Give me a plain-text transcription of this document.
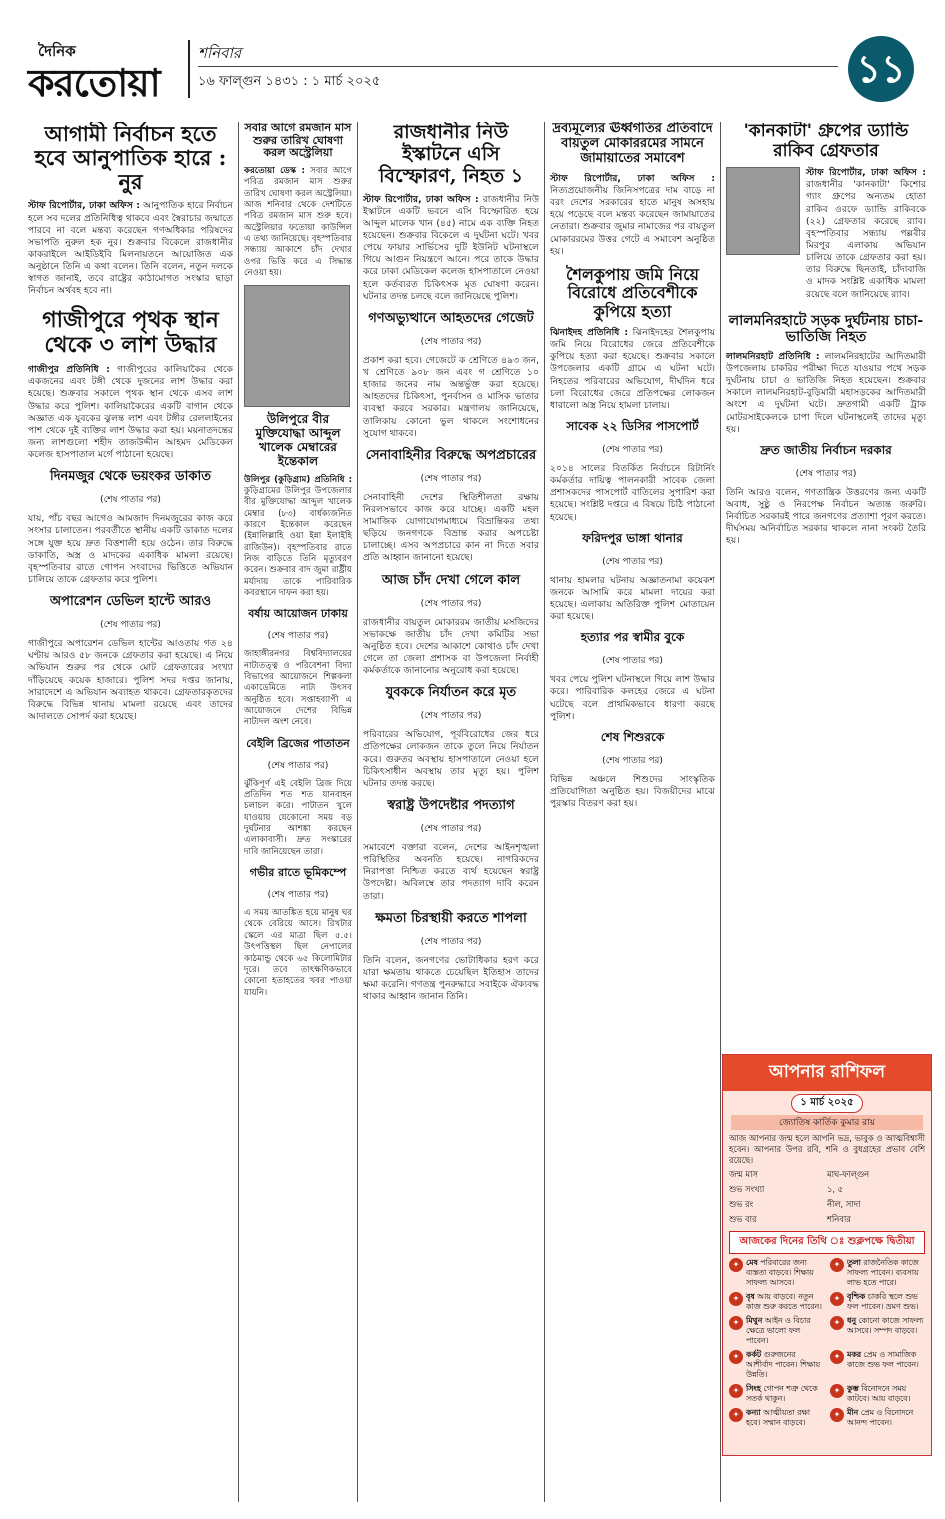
দৈনিক
করতোয়া
শনিবার
১৬ ফাল্গুন ১৪৩১ : ১ মার্চ ২০২৫	১১
আগামী নির্বাচন হতে হবে আনুপাতিক হারে : নুর

স্টাফ রিপোর্টার, ঢাকা অফিস : আনুপাতিক হারে নির্বাচন হলে সব দলের প্রতিনিধিত্ব থাকবে এবং স্বৈরাচার জন্মাতে পারবে না বলে মন্তব্য করেছেন গণঅধিকার পরিষদের সভাপতি নুরুল হক নুর। শুক্রবার বিকেলে রাজধানীর কাকরাইলে আইডিইবি মিলনায়তনে আয়োজিত এক অনুষ্ঠানে তিনি এ কথা বলেন। তিনি বলেন, নতুন দলকে স্বাগত জানাই, তবে রাষ্ট্রের কাঠামোগত সংস্কার ছাড়া নির্বাচন অর্থবহ হবে না।

গাজীপুরে পৃথক স্থান থেকে ৩ লাশ উদ্ধার

গাজীপুর প্রতিনিধি : গাজীপুরের কালিয়াকৈর থেকে একজনের এবং টঙ্গী থেকে দুজনের লাশ উদ্ধার করা হয়েছে। শুক্রবার সকালে পৃথক স্থান থেকে এসব লাশ উদ্ধার করে পুলিশ। কালিয়াকৈরের একটি বাগান থেকে অজ্ঞাত এক যুবকের ঝুলন্ত লাশ এবং টঙ্গীর রেললাইনের পাশ থেকে দুই ব্যক্তির লাশ উদ্ধার করা হয়। ময়নাতদন্তের জন্য লাশগুলো শহীদ তাজউদ্দীন আহমদ মেডিকেল কলেজ হাসপাতাল মর্গে পাঠানো হয়েছে।

দিনমজুর থেকে ভয়ংকর ডাকাত
(শেষ পাতার পর)

যায়, পাঁচ বছর আগেও আমজাদ দিনমজুরের কাজ করে সংসার চালাতেন। পরবর্তীতে স্থানীয় একটি ডাকাত দলের সঙ্গে যুক্ত হয়ে দ্রুত বিত্তশালী হয়ে ওঠেন। তার বিরুদ্ধে ডাকাতি, অস্ত্র ও মাদকের একাধিক মামলা রয়েছে। বৃহস্পতিবার রাতে গোপন সংবাদের ভিত্তিতে অভিযান চালিয়ে তাকে গ্রেফতার করে পুলিশ।

অপারেশন ডেভিল হান্টে আরও
(শেষ পাতার পর)

গাজীপুরে অপারেশন ডেভিল হান্টের আওতায় গত ২৪ ঘণ্টায় আরও ৫৮ জনকে গ্রেফতার করা হয়েছে। এ নিয়ে অভিযান শুরুর পর থেকে মোট গ্রেফতারের সংখ্যা দাঁড়িয়েছে কয়েক হাজারে। পুলিশ সদর দপ্তর জানায়, সারাদেশে এ অভিযান অব্যাহত থাকবে। গ্রেফতারকৃতদের বিরুদ্ধে বিভিন্ন থানায় মামলা রয়েছে এবং তাদের আদালতে সোপর্দ করা হয়েছে।

সবার আগে রমজান মাস শুরুর তারিখ ঘোষণা করল অস্ট্রেলিয়া

করতোয়া ডেস্ক : সবার আগে পবিত্র রমজান মাস শুরুর তারিখ ঘোষণা করল অস্ট্রেলিয়া। আজ শনিবার থেকে দেশটিতে পবিত্র রমজান মাস শুরু হবে। অস্ট্রেলিয়ার ফতোয়া কাউন্সিল এ তথ্য জানিয়েছে। বৃহস্পতিবার সন্ধ্যায় আকাশে চাঁদ দেখার ওপর ভিত্তি করে এ সিদ্ধান্ত নেওয়া হয়।

উলিপুরে বীর মুক্তিযোদ্ধা আব্দুল খালেক মেম্বারের ইন্তেকাল

উলিপুর (কুড়িগ্রাম) প্রতিনিধি : কুড়িগ্রামের উলিপুর উপজেলার বীর মুক্তিযোদ্ধা আব্দুল খালেক মেম্বার (৮৩) বার্ধক্যজনিত কারণে ইন্তেকাল করেছেন (ইন্নালিল্লাহি ওয়া ইন্না ইলাইহি রাজিউন)। বৃহস্পতিবার রাতে নিজ বাড়িতে তিনি মৃত্যুবরণ করেন। শুক্রবার বাদ জুমা রাষ্ট্রীয় মর্যাদায় তাকে পারিবারিক কবরস্থানে দাফন করা হয়।

বর্ষায় আয়োজন ঢাকায়
(শেষ পাতার পর)

জাহাঙ্গীরনগর বিশ্ববিদ্যালয়ের নাট্যতত্ত্ব ও পরিবেশনা বিদ্যা বিভাগের আয়োজনে শিল্পকলা একাডেমিতে নাট্য উৎসব অনুষ্ঠিত হবে। সপ্তাহব্যাপী এ আয়োজনে দেশের বিভিন্ন নাট্যদল অংশ নেবে।

বেইলি ব্রিজের পাতাতন
(শেষ পাতার পর)

ঝুঁকিপূর্ণ এই বেইলি ব্রিজ দিয়ে প্রতিদিন শত শত যানবাহন চলাচল করে। পাটাতন খুলে যাওয়ায় যেকোনো সময় বড় দুর্ঘটনার আশঙ্কা করছেন এলাকাবাসী। দ্রুত সংস্কারের দাবি জানিয়েছেন তারা।

গভীর রাতে ভূমিকম্পে
(শেষ পাতার পর)

এ সময় আতঙ্কিত হয়ে মানুষ ঘর থেকে বেরিয়ে আসে। রিখটার স্কেলে এর মাত্রা ছিল ৫.৫। উৎপত্তিস্থল ছিল নেপালের কাঠমান্ডু থেকে ৬৫ কিলোমিটার দূরে। তবে তাৎক্ষণিকভাবে কোনো হতাহতের খবর পাওয়া যায়নি।

রাজধানীর নিউ ইস্কাটনে এসি বিস্ফোরণ, নিহত ১

স্টাফ রিপোর্টার, ঢাকা অফিস : রাজধানীর নিউ ইস্কাটনে একটি ভবনে এসি বিস্ফোরিত হয়ে আব্দুল মালেক খান (৪৫) নামে এক ব্যক্তি নিহত হয়েছেন। শুক্রবার বিকেলে এ দুর্ঘটনা ঘটে। খবর পেয়ে ফায়ার সার্ভিসের দুটি ইউনিট ঘটনাস্থলে গিয়ে আগুন নিয়ন্ত্রণে আনে। পরে তাকে উদ্ধার করে ঢাকা মেডিকেল কলেজ হাসপাতালে নেওয়া হলে কর্তব্যরত চিকিৎসক মৃত ঘোষণা করেন। ঘটনার তদন্ত চলছে বলে জানিয়েছে পুলিশ।

গণঅভ্যুত্থানে আহতদের গেজেট
(শেষ পাতার পর)

প্রকাশ করা হবে। গেজেটে ক শ্রেণিতে ৪৯৩ জন, খ শ্রেণিতে ৯০৮ জন এবং গ শ্রেণিতে ১০ হাজার জনের নাম অন্তর্ভুক্ত করা হয়েছে। আহতদের চিকিৎসা, পুনর্বাসন ও মাসিক ভাতার ব্যবস্থা করবে সরকার। মন্ত্রণালয় জানিয়েছে, তালিকায় কোনো ভুল থাকলে সংশোধনের সুযোগ থাকবে।

সেনাবাহিনীর বিরুদ্ধে অপপ্রচারের
(শেষ পাতার পর)

সেনাবাহিনী দেশের স্থিতিশীলতা রক্ষায় নিরলসভাবে কাজ করে যাচ্ছে। একটি মহল সামাজিক যোগাযোগমাধ্যমে বিভ্রান্তিকর তথ্য ছড়িয়ে জনগণকে বিভ্রান্ত করার অপচেষ্টা চালাচ্ছে। এসব অপপ্রচারে কান না দিতে সবার প্রতি আহ্বান জানানো হয়েছে।

আজ চাঁদ দেখা গেলে কাল
(শেষ পাতার পর)

রাজধানীর বায়তুল মোকাররম জাতীয় মসজিদের সভাকক্ষে জাতীয় চাঁদ দেখা কমিটির সভা অনুষ্ঠিত হবে। দেশের আকাশে কোথাও চাঁদ দেখা গেলে তা জেলা প্রশাসক বা উপজেলা নির্বাহী কর্মকর্তাকে জানানোর অনুরোধ করা হয়েছে।

যুবককে নির্যাতন করে মৃত
(শেষ পাতার পর)

পরিবারের অভিযোগ, পূর্ববিরোধের জের ধরে প্রতিপক্ষের লোকজন তাকে তুলে নিয়ে নির্যাতন করে। গুরুতর অবস্থায় হাসপাতালে নেওয়া হলে চিকিৎসাধীন অবস্থায় তার মৃত্যু হয়। পুলিশ ঘটনার তদন্ত করছে।

স্বরাষ্ট্র উপদেষ্টার পদত্যাগ
(শেষ পাতার পর)

সমাবেশে বক্তারা বলেন, দেশের আইনশৃঙ্খলা পরিস্থিতির অবনতি হয়েছে। নাগরিকদের নিরাপত্তা নিশ্চিত করতে ব্যর্থ হয়েছেন স্বরাষ্ট্র উপদেষ্টা। অবিলম্বে তার পদত্যাগ দাবি করেন তারা।

ক্ষমতা চিরস্থায়ী করতে শাপলা
(শেষ পাতার পর)

তিনি বলেন, জনগণের ভোটাধিকার হরণ করে যারা ক্ষমতায় থাকতে চেয়েছিল ইতিহাস তাদের ক্ষমা করেনি। গণতন্ত্র পুনরুদ্ধারে সবাইকে ঐক্যবদ্ধ থাকার আহ্বান জানান তিনি।

দ্রব্যমূল্যের ঊর্ধ্বগতির প্রতিবাদে বায়তুল মোকাররমের সামনে জামায়াতের সমাবেশ

স্টাফ রিপোর্টার, ঢাকা অফিস : নিত্যপ্রয়োজনীয় জিনিসপত্রের দাম বাড়ে না বরং দেশের সরকারের হাতে মানুষ অসহায় হয়ে পড়েছে বলে মন্তব্য করেছেন জামায়াতের নেতারা। শুক্রবার জুমার নামাজের পর বায়তুল মোকাররমের উত্তর গেটে এ সমাবেশ অনুষ্ঠিত হয়।

শৈলকুপায় জমি নিয়ে বিরোধে প্রতিবেশীকে কুপিয়ে হত্যা

ঝিনাইদহ প্রতিনিধি : ঝিনাইদহের শৈলকুপায় জমি নিয়ে বিরোধের জেরে প্রতিবেশীকে কুপিয়ে হত্যা করা হয়েছে। শুক্রবার সকালে উপজেলার একটি গ্রামে এ ঘটনা ঘটে। নিহতের পরিবারের অভিযোগ, দীর্ঘদিন ধরে চলা বিরোধের জেরে প্রতিপক্ষের লোকজন ধারালো অস্ত্র নিয়ে হামলা চালায়।

সাবেক ২২ ডিসির পাসপোর্ট
(শেষ পাতার পর)

২০১৪ সালের বিতর্কিত নির্বাচনে রিটার্নিং কর্মকর্তার দায়িত্ব পালনকারী সাবেক জেলা প্রশাসকদের পাসপোর্ট বাতিলের সুপারিশ করা হয়েছে। সংশ্লিষ্ট দপ্তরে এ বিষয়ে চিঠি পাঠানো হয়েছে।

ফরিদপুর ভাঙ্গা থানার
(শেষ পাতার পর)

থানায় হামলার ঘটনায় অজ্ঞাতনামা কয়েকশ জনকে আসামি করে মামলা দায়ের করা হয়েছে। এলাকায় অতিরিক্ত পুলিশ মোতায়েন করা হয়েছে।

হত্যার পর স্বামীর বুকে
(শেষ পাতার পর)

খবর পেয়ে পুলিশ ঘটনাস্থলে গিয়ে লাশ উদ্ধার করে। পারিবারিক কলহের জেরে এ ঘটনা ঘটেছে বলে প্রাথমিকভাবে ধারণা করছে পুলিশ।

শেষ শিশুরকে
(শেষ পাতার পর)

বিভিন্ন অঞ্চলে শিশুদের সাংস্কৃতিক প্রতিযোগিতা অনুষ্ঠিত হয়। বিজয়ীদের মাঝে পুরস্কার বিতরণ করা হয়।

'কানকাটা' গ্রুপের ড্যান্ডি রাকিব গ্রেফতার

স্টাফ রিপোর্টার, ঢাকা অফিস : রাজধানীর 'কানকাটা' কিশোর গ্যাং গ্রুপের অন্যতম হোতা রাকিব ওরফে ড্যান্ডি রাকিবকে (২২) গ্রেফতার করেছে র‌্যাব। বৃহস্পতিবার সন্ধ্যায় পল্লবীর মিরপুর এলাকায় অভিযান চালিয়ে তাকে গ্রেফতার করা হয়। তার বিরুদ্ধে ছিনতাই, চাঁদাবাজি ও মাদক সংশ্লিষ্ট একাধিক মামলা রয়েছে বলে জানিয়েছে র‌্যাব।

লালমনিরহাটে সড়ক দুর্ঘটনায় চাচা-ভাতিজি নিহত

লালমনিরহাট প্রতিনিধি : লালমনিরহাটের আদিতমারী উপজেলায় চাকরির পরীক্ষা দিতে যাওয়ার পথে সড়ক দুর্ঘটনায় চাচা ও ভাতিজি নিহত হয়েছেন। শুক্রবার সকালে লালমনিরহাট-বুড়িমারী মহাসড়কের আদিতমারী অংশে এ দুর্ঘটনা ঘটে। দ্রুতগামী একটি ট্রাক মোটরসাইকেলকে চাপা দিলে ঘটনাস্থলেই তাদের মৃত্যু হয়।

দ্রুত জাতীয় নির্বাচন দরকার
(শেষ পাতার পর)

তিনি আরও বলেন, গণতান্ত্রিক উত্তরণের জন্য একটি অবাধ, সুষ্ঠু ও নিরপেক্ষ নির্বাচন অত্যন্ত জরুরি। নির্বাচিত সরকারই পারে জনগণের প্রত্যাশা পূরণ করতে। দীর্ঘসময় অনির্বাচিত সরকার থাকলে নানা সংকট তৈরি হয়।

আপনার রাশিফল
১ মার্চ ২০২৫
জ্যোতিষ কার্তিক কুমার রায়
আজ আপনার জন্ম হলে আপনি ভদ্র, ভাবুক ও আত্মবিশ্বাসী হবেন। আপনার উপর রবি, শনি ও বুধগ্রহের প্রভাব বেশি রয়েছে।
জন্ম মাস	মাঘ-ফাল্গুন
শুভ সংখ্যা	১, ৫
শুভ রং	নীল, সাদা
শুভ বার	শনিবার
আজকের দিনের তিথি ঃ শুক্লপক্ষে দ্বিতীয়া
✦ মেষ পরিবারের জন্য ব্যস্ততা বাড়বে। শিক্ষায় সাফল্য আসবে।
✦ তুলা রাজনৈতিক কাজে সাফল্য পাবেন। ব্যবসায় লাভ হতে পারে।
✦ বৃষ আয় বাড়বে। নতুন কাজ শুরু করতে পারেন।
✦ বৃশ্চিক চাকরি স্থলে শুভ ফল পাবেন। ভ্রমণ শুভ।
✦ মিথুন আইন ও বিচার ক্ষেত্রে ভালো ফল পাবেন।
✦ ধনু কোনো কাজে সাফল্য আসবে। সম্পদ বাড়বে।
✦ কর্কট গুরুজনের আশীর্বাদ পাবেন। শিক্ষায় উন্নতি।
✦ মকর প্রেম ও সামাজিক কাজে শুভ ফল পাবেন।
✦ সিংহ গোপন শত্রু থেকে সতর্ক থাকুন।
✦ কুম্ভ বিনোদনে সময় কাটবে। আয় বাড়বে।
✦ কন্যা আত্মীয়তা রক্ষা হবে। সম্মান বাড়বে।
✦ মীন প্রেম ও বিনোদনে আনন্দ পাবেন।
